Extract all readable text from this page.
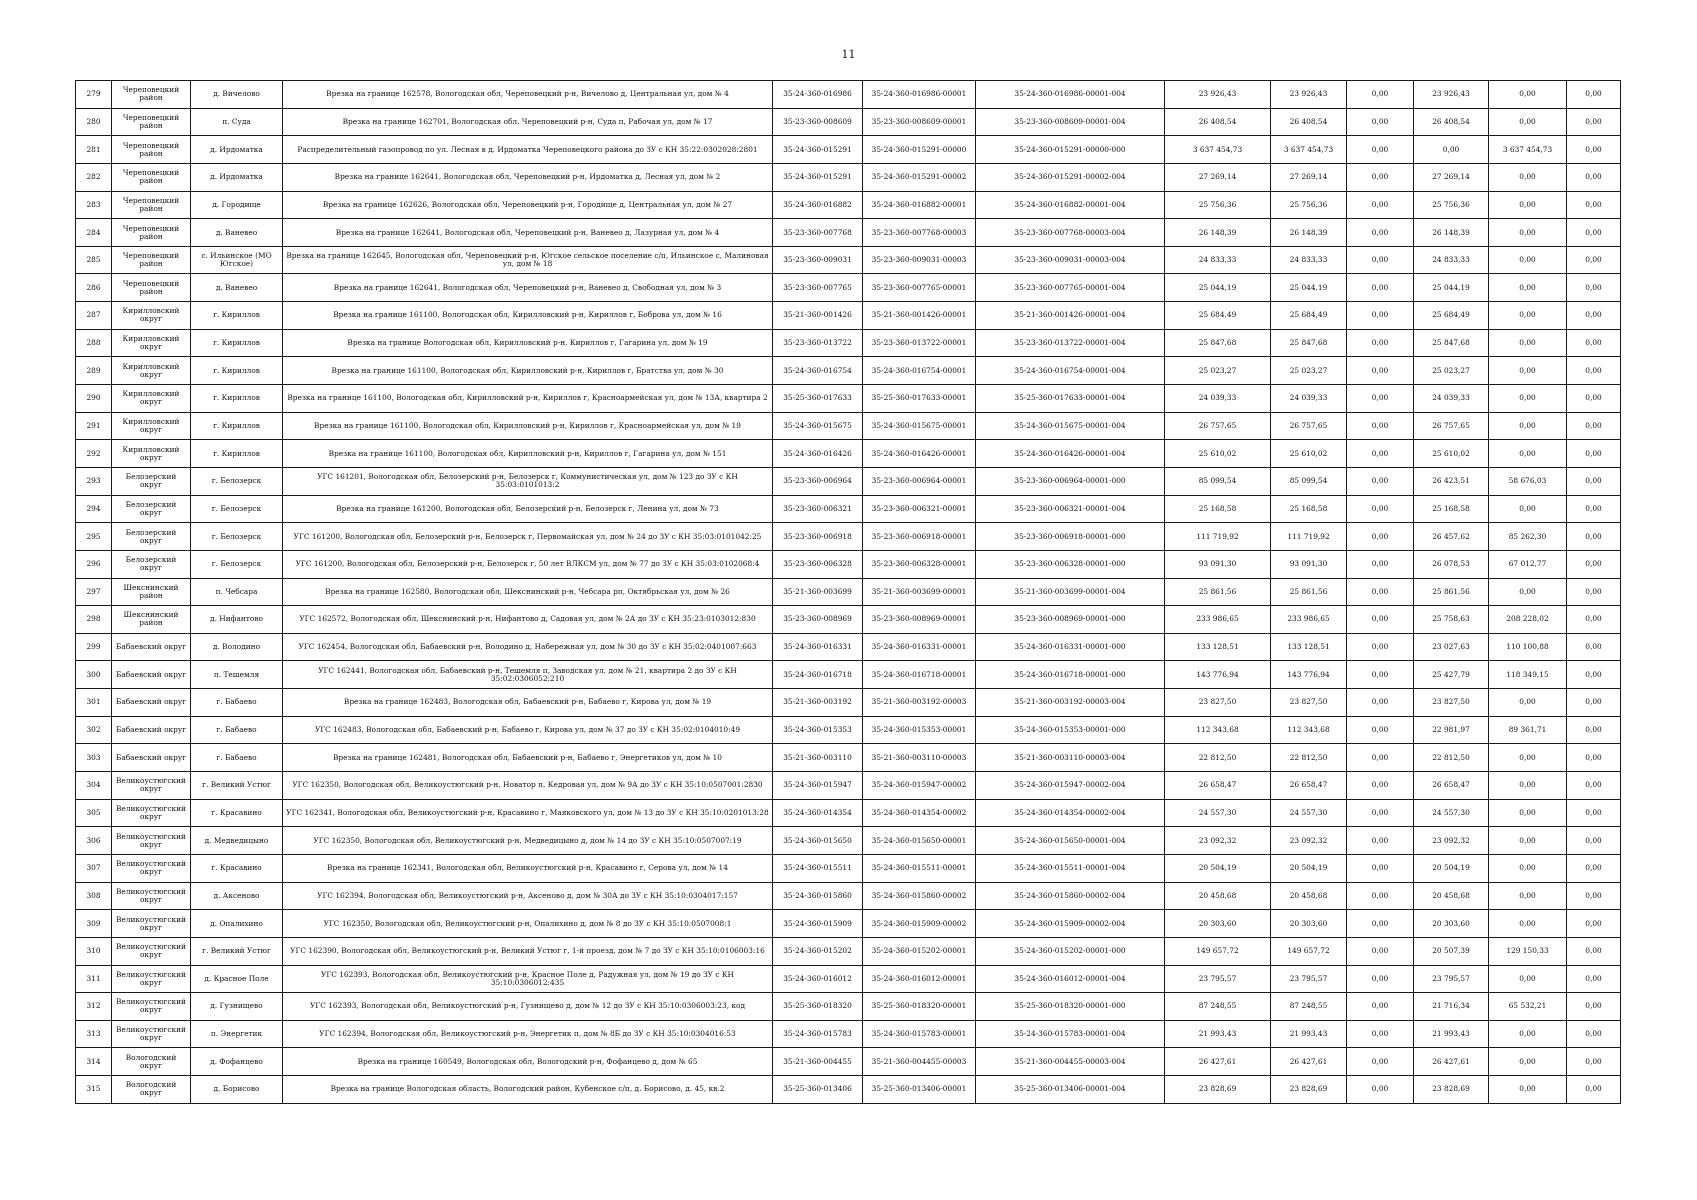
11
279	Череповецкий район	д. Вичелово	Врезка на границе 162578, Вологодская обл, Череповецкий р-н, Вичелово д, Центральная ул, дом № 4	35-24-360-016986	35-24-360-016986-00001	35-24-360-016986-00001-004	23 926,43	23 926,43	0,00	23 926,43	0,00	0,00
280	Череповецкий район	п. Суда	Врезка на границе 162701, Вологодская обл, Череповецкий р-н, Суда п, Рабочая ул, дом № 17	35-23-360-008609	35-23-360-008609-00001	35-23-360-008609-00001-004	26 408,54	26 408,54	0,00	26 408,54	0,00	0,00
281	Череповецкий район	д. Ирдоматка	Распределительный газопровод по ул. Лесная в д. Ирдоматка Череповецкого района до ЗУ с КН 35:22:0302028:2801	35-24-360-015291	35-24-360-015291-00000	35-24-360-015291-00000-000	3 637 454,73	3 637 454,73	0,00	0,00	3 637 454,73	0,00
282	Череповецкий район	д. Ирдоматка	Врезка на границе 162641, Вологодская обл, Череповецкий р-н, Ирдоматка д, Лесная ул, дом № 2	35-24-360-015291	35-24-360-015291-00002	35-24-360-015291-00002-004	27 269,14	27 269,14	0,00	27 269,14	0,00	0,00
283	Череповецкий район	д. Городище	Врезка на границе 162626, Вологодская обл, Череповецкий р-н, Городище д, Центральная ул, дом № 27	35-24-360-016882	35-24-360-016882-00001	35-24-360-016882-00001-004	25 756,36	25 756,36	0,00	25 756,36	0,00	0,00
284	Череповецкий район	д. Ваневео	Врезка на границе 162641, Вологодская обл, Череповецкий р-н, Ваневео д, Лазурная ул, дом № 4	35-23-360-007768	35-23-360-007768-00003	35-23-360-007768-00003-004	26 148,39	26 148,39	0,00	26 148,39	0,00	0,00
285	Череповецкий район	с. Ильинское (МО Югское)	Врезка на границе 162645, Вологодская обл, Череповецкий р-н, Югское сельское поселение с/п, Ильинское с, Малиновая ул, дом № 18	35-23-360-009031	35-23-360-009031-00003	35-23-360-009031-00003-004	24 833,33	24 833,33	0,00	24 833,33	0,00	0,00
286	Череповецкий район	д. Ваневео	Врезка на границе 162641, Вологодская обл, Череповецкий р-н, Ваневео д, Свободная ул, дом № 3	35-23-360-007765	35-23-360-007765-00001	35-23-360-007765-00001-004	25 044,19	25 044,19	0,00	25 044,19	0,00	0,00
287	Кирилловский округ	г. Кириллов	Врезка на границе 161100, Вологодская обл, Кирилловский р-н, Кириллов г, Боброва ул, дом № 16	35-21-360-001426	35-21-360-001426-00001	35-21-360-001426-00001-004	25 684,49	25 684,49	0,00	25 684,49	0,00	0,00
288	Кирилловский округ	г. Кириллов	Врезка на границе Вологодская обл, Кирилловский р-н, Кириллов г, Гагарина ул, дом № 19	35-23-360-013722	35-23-360-013722-00001	35-23-360-013722-00001-004	25 847,68	25 847,68	0,00	25 847,68	0,00	0,00
289	Кирилловский округ	г. Кириллов	Врезка на границе 161100, Вологодская обл, Кирилловский р-н, Кириллов г, Братства ул, дом № 30	35-24-360-016754	35-24-360-016754-00001	35-24-360-016754-00001-004	25 023,27	25 023,27	0,00	25 023,27	0,00	0,00
290	Кирилловский округ	г. Кириллов	Врезка на границе 161100, Вологодская обл, Кирилловский р-н, Кириллов г, Красноармейская ул, дом № 13А, квартира 2	35-25-360-017633	35-25-360-017633-00001	35-25-360-017633-00001-004	24 039,33	24 039,33	0,00	24 039,33	0,00	0,00
291	Кирилловский округ	г. Кириллов	Врезка на границе 161100, Вологодская обл, Кирилловский р-н, Кириллов г, Красноармейская ул, дом № 19	35-24-360-015675	35-24-360-015675-00001	35-24-360-015675-00001-004	26 757,65	26 757,65	0,00	26 757,65	0,00	0,00
292	Кирилловский округ	г. Кириллов	Врезка на границе 161100, Вологодская обл, Кирилловский р-н, Кириллов г, Гагарина ул, дом № 151	35-24-360-016426	35-24-360-016426-00001	35-24-360-016426-00001-004	25 610,02	25 610,02	0,00	25 610,02	0,00	0,00
293	Белозерский округ	г. Белозерск	УГС 161201, Вологодская обл, Белозерский р-н, Белозерск г, Коммунистическая ул, дом № 123 до ЗУ с КН 35:03:0101013:2	35-23-360-006964	35-23-360-006964-00001	35-23-360-006964-00001-000	85 099,54	85 099,54	0,00	26 423,51	58 676,03	0,00
294	Белозерский округ	г. Белозерск	Врезка на границе 161200, Вологодская обл, Белозерский р-н, Белозерск г, Ленина ул, дом № 73	35-23-360-006321	35-23-360-006321-00001	35-23-360-006321-00001-004	25 168,58	25 168,58	0,00	25 168,58	0,00	0,00
295	Белозерский округ	г. Белозерск	УГС 161200, Вологодская обл, Белозерский р-н, Белозерск г, Первомайская ул, дом № 24 до ЗУ с КН 35:03:0101042:25	35-23-360-006918	35-23-360-006918-00001	35-23-360-006918-00001-000	111 719,92	111 719,92	0,00	26 457,62	85 262,30	0,00
296	Белозерский округ	г. Белозерск	УГС 161200, Вологодская обл, Белозерский р-н, Белозерск г, 50 лет ВЛКСМ ул, дом № 77 до ЗУ с КН 35:03:0102068:4	35-23-360-006328	35-23-360-006328-00001	35-23-360-006328-00001-000	93 091,30	93 091,30	0,00	26 078,53	67 012,77	0,00
297	Шекснинский район	п. Чебсара	Врезка на границе 162580, Вологодская обл, Шекснинский р-н, Чебсара рп, Октябрьская ул, дом № 26	35-21-360-003699	35-21-360-003699-00001	35-21-360-003699-00001-004	25 861,56	25 861,56	0,00	25 861,56	0,00	0,00
298	Шекснинский район	д. Нифантово	УГС 162572, Вологодская обл, Шекснинский р-н, Нифантово д, Садовая ул, дом № 2А до ЗУ с КН 35:23:0103012:830	35-23-360-008969	35-23-360-008969-00001	35-23-360-008969-00001-000	233 986,65	233 986,65	0,00	25 758,63	208 228,02	0,00
299	Бабаевский округ	д. Володино	УГС 162454, Вологодская обл, Бабаевский р-н, Володино д, Набережная ул, дом № 30 до ЗУ с КН 35:02:0401007:663	35-24-360-016331	35-24-360-016331-00001	35-24-360-016331-00001-000	133 128,51	133 128,51	0,00	23 027,63	110 100,88	0,00
300	Бабаевский округ	п. Тешемля	УГС 162441, Вологодская обл, Бабаевский р-н, Тешемля п, Заводская ул, дом № 21, квартира 2 до ЗУ с КН 35:02:0306052:210	35-24-360-016718	35-24-360-016718-00001	35-24-360-016718-00001-000	143 776,94	143 776,94	0,00	25 427,79	118 349,15	0,00
301	Бабаевский округ	г. Бабаево	Врезка на границе 162483, Вологодская обл, Бабаевский р-н, Бабаево г, Кирова ул, дом № 19	35-21-360-003192	35-21-360-003192-00003	35-21-360-003192-00003-004	23 827,50	23 827,50	0,00	23 827,50	0,00	0,00
302	Бабаевский округ	г. Бабаево	УГС 162483, Вологодская обл, Бабаевский р-н, Бабаево г, Кирова ул, дом № 37 до ЗУ с КН 35:02:0104010:49	35-24-360-015353	35-24-360-015353-00001	35-24-360-015353-00001-000	112 343,68	112 343,68	0,00	22 981,97	89 361,71	0,00
303	Бабаевский округ	г. Бабаево	Врезка на границе 162481, Вологодская обл, Бабаевский р-н, Бабаево г, Энергетиков ул, дом № 10	35-21-360-003110	35-21-360-003110-00003	35-21-360-003110-00003-004	22 812,50	22 812,50	0,00	22 812,50	0,00	0,00
304	Великоустюгский округ	г. Великий Устюг	УГС 162350, Вологодская обл, Великоустюгский р-н, Новатор п, Кедровая ул, дом № 9А до ЗУ с КН 35:10:0507001:2830	35-24-360-015947	35-24-360-015947-00002	35-24-360-015947-00002-004	26 658,47	26 658,47	0,00	26 658,47	0,00	0,00
305	Великоустюгский округ	г. Красавино	УГС 162341, Вологодская обл, Великоустюгский р-н, Красавино г, Маяковского ул, дом № 13 до ЗУ с КН 35:10:0201013:28	35-24-360-014354	35-24-360-014354-00002	35-24-360-014354-00002-004	24 557,30	24 557,30	0,00	24 557,30	0,00	0,00
306	Великоустюгский округ	д. Медведицыно	УГС 162350, Вологодская обл, Великоустюгский р-н, Медведицыно д, дом № 14 до ЗУ с КН 35:10:0507007:19	35-24-360-015650	35-24-360-015650-00001	35-24-360-015650-00001-004	23 092,32	23 092,32	0,00	23 092,32	0,00	0,00
307	Великоустюгский округ	г. Красавино	Врезка на границе 162341, Вологодская обл, Великоустюгский р-н, Красавино г, Серова ул, дом № 14	35-24-360-015511	35-24-360-015511-00001	35-24-360-015511-00001-004	20 504,19	20 504,19	0,00	20 504,19	0,00	0,00
308	Великоустюгский округ	д. Аксеново	УГС 162394, Вологодская обл, Великоустюгский р-н, Аксеново д, дом № 30А до ЗУ с КН 35:10:0304017:157	35-24-360-015860	35-24-360-015860-00002	35-24-360-015860-00002-004	20 458,68	20 458,68	0,00	20 458,68	0,00	0,00
309	Великоустюгский округ	д. Опалихино	УГС 162350, Вологодская обл, Великоустюгский р-н, Опалихино д, дом № 8 до ЗУ с КН 35:10:0507008:1	35-24-360-015909	35-24-360-015909-00002	35-24-360-015909-00002-004	20 303,60	20 303,60	0,00	20 303,60	0,00	0,00
310	Великоустюгский округ	г. Великий Устюг	УГС 162390, Вологодская обл, Великоустюгский р-н, Великий Устюг г, 1-й проезд, дом № 7 до ЗУ с КН 35:10:0106003:16	35-24-360-015202	35-24-360-015202-00001	35-24-360-015202-00001-000	149 657,72	149 657,72	0,00	20 507,39	129 150,33	0,00
311	Великоустюгский округ	д. Красное Поле	УГС 162393, Вологодская обл, Великоустюгский р-н, Красное Поле д, Радужная ул, дом № 19 до ЗУ с КН 35:10:0306012:435	35-24-360-016012	35-24-360-016012-00001	35-24-360-016012-00001-004	23 795,57	23 795,57	0,00	23 795,57	0,00	0,00
312	Великоустюгский округ	д. Гузнищево	УГС 162393, Вологодская обл, Великоустюгский р-н, Гузнищево д, дом № 12 до ЗУ с КН 35:10:0306003:23, код	35-25-360-018320	35-25-360-018320-00001	35-25-360-018320-00001-000	87 248,55	87 248,55	0,00	21 716,34	65 532,21	0,00
313	Великоустюгский округ	п. Энергетик	УГС 162394, Вологодская обл, Великоустюгский р-н, Энергетик п, дом № 8Б до ЗУ с КН 35:10:0304016:53	35-24-360-015783	35-24-360-015783-00001	35-24-360-015783-00001-004	21 993,43	21 993,43	0,00	21 993,43	0,00	0,00
314	Вологодский округ	д. Фофанцево	Врезка на границе 160549, Вологодская обл, Вологодский р-н, Фофанцево д, дом № 65	35-21-360-004455	35-21-360-004455-00003	35-21-360-004455-00003-004	26 427,61	26 427,61	0,00	26 427,61	0,00	0,00
315	Вологодский округ	д. Борисово	Врезка на границе Вологодская область, Вологодский район, Кубенское с/п, д. Борисово, д. 45, кв.2	35-25-360-013406	35-25-360-013406-00001	35-25-360-013406-00001-004	23 828,69	23 828,69	0,00	23 828,69	0,00	0,00
